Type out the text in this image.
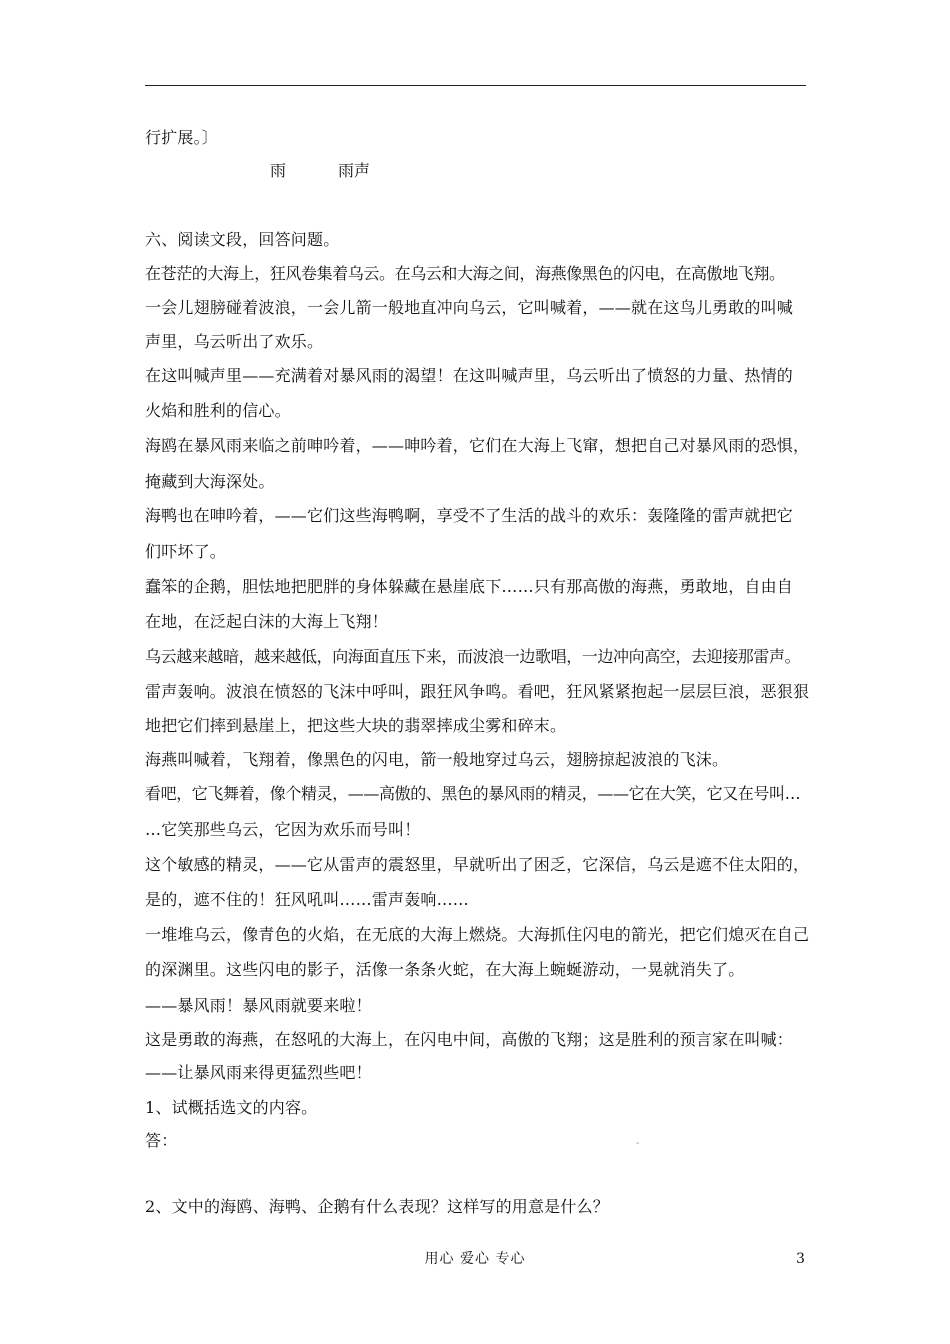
行扩展。〕
雨	雨声
六、阅读文段，回答问题。
在苍茫的大海上，狂风卷集着乌云。在乌云和大海之间，海燕像黑色的闪电，在高傲地飞翔。
一会儿翅膀碰着波浪，一会儿箭一般地直冲向乌云，它叫喊着，——就在这鸟儿勇敢的叫喊
声里，乌云听出了欢乐。
在这叫喊声里——充满着对暴风雨的渴望！在这叫喊声里，乌云听出了愤怒的力量、热情的
火焰和胜利的信心。
海鸥在暴风雨来临之前呻吟着，——呻吟着，它们在大海上飞窜，想把自己对暴风雨的恐惧，
掩藏到大海深处。
海鸭也在呻吟着，——它们这些海鸭啊，享受不了生活的战斗的欢乐：轰隆隆的雷声就把它
们吓坏了。
蠢笨的企鹅，胆怯地把肥胖的身体躲藏在悬崖底下……只有那高傲的海燕，勇敢地，自由自
在地，在泛起白沫的大海上飞翔！
乌云越来越暗，越来越低，向海面直压下来，而波浪一边歌唱，一边冲向高空，去迎接那雷声。
雷声轰响。波浪在愤怒的飞沫中呼叫，跟狂风争鸣。看吧，狂风紧紧抱起一层层巨浪，恶狠狠
地把它们摔到悬崖上，把这些大块的翡翠摔成尘雾和碎末。
海燕叫喊着，飞翔着，像黑色的闪电，箭一般地穿过乌云，翅膀掠起波浪的飞沫。
看吧，它飞舞着，像个精灵，——高傲的、黑色的暴风雨的精灵，——它在大笑，它又在号叫…
…它笑那些乌云，它因为欢乐而号叫！
这个敏感的精灵，——它从雷声的震怒里，早就听出了困乏，它深信，乌云是遮不住太阳的，
是的，遮不住的！狂风吼叫……雷声轰响……
一堆堆乌云，像青色的火焰，在无底的大海上燃烧。大海抓住闪电的箭光，把它们熄灭在自己
的深渊里。这些闪电的影子，活像一条条火蛇，在大海上蜿蜒游动，一晃就消失了。
——暴风雨！暴风雨就要来啦！
这是勇敢的海燕，在怒吼的大海上，在闪电中间，高傲的飞翔；这是胜利的预言家在叫喊：
——让暴风雨来得更猛烈些吧！
1、试概括选文的内容。
答：	-
2、文中的海鸥、海鸭、企鹅有什么表现？这样写的用意是什么？
用心 爱心 专心	3
